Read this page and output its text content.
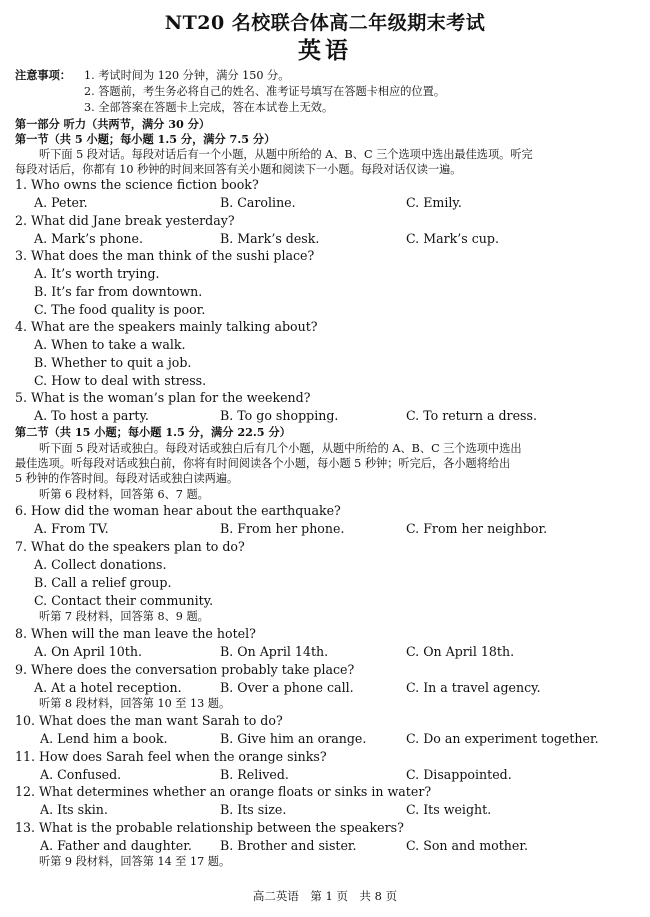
NT20 名校联合体高二年级期末考试
英语
注意事项： 1. 考试时间为 120 分钟，满分 150 分。
2. 答题前，考生务必将自己的姓名、准考证号填写在答题卡相应的位置。
3. 全部答案在答题卡上完成，答在本试卷上无效。
第一部分 听力（共两节，满分 30 分）
第一节（共 5 小题；每小题 1.5 分，满分 7.5 分）
听下面 5 段对话。每段对话后有一个小题，从题中所给的 A、B、C 三个选项中选出最佳选项。听完
每段对话后，你都有 10 秒钟的时间来回答有关小题和阅读下一小题。每段对话仅读一遍。
1. Who owns the science fiction book?
A. Peter.	B. Caroline.	C. Emily.
2. What did Jane break yesterday?
A. Mark’s phone.	B. Mark’s desk.	C. Mark’s cup.
3. What does the man think of the sushi place?
A. It’s worth trying.
B. It’s far from downtown.
C. The food quality is poor.
4. What are the speakers mainly talking about?
A. When to take a walk.
B. Whether to quit a job.
C. How to deal with stress.
5. What is the woman’s plan for the weekend?
A. To host a party.	B. To go shopping.	C. To return a dress.
第二节（共 15 小题；每小题 1.5 分，满分 22.5 分）
听下面 5 段对话或独白。每段对话或独白后有几个小题，从题中所给的 A、B、C 三个选项中选出
最佳选项。听每段对话或独白前，你将有时间阅读各个小题，每小题 5 秒钟；听完后，各小题将给出
5 秒钟的作答时间。每段对话或独白读两遍。
听第 6 段材料，回答第 6、7 题。
6. How did the woman hear about the earthquake?
A. From TV.	B. From her phone.	C. From her neighbor.
7. What do the speakers plan to do?
A. Collect donations.
B. Call a relief group.
C. Contact their community.
听第 7 段材料，回答第 8、9 题。
8. When will the man leave the hotel?
A. On April 10th.	B. On April 14th.	C. On April 18th.
9. Where does the conversation probably take place?
A. At a hotel reception.	B. Over a phone call.	C. In a travel agency.
听第 8 段材料，回答第 10 至 13 题。
10. What does the man want Sarah to do?
A. Lend him a book.	B. Give him an orange.	C. Do an experiment together.
11. How does Sarah feel when the orange sinks?
A. Confused.	B. Relived.	C. Disappointed.
12. What determines whether an orange floats or sinks in water?
A. Its skin.	B. Its size.	C. Its weight.
13. What is the probable relationship between the speakers?
A. Father and daughter. B. Brother and sister.	C. Son and mother.
听第 9 段材料，回答第 14 至 17 题。
高二英语　第 1 页　共 8 页
